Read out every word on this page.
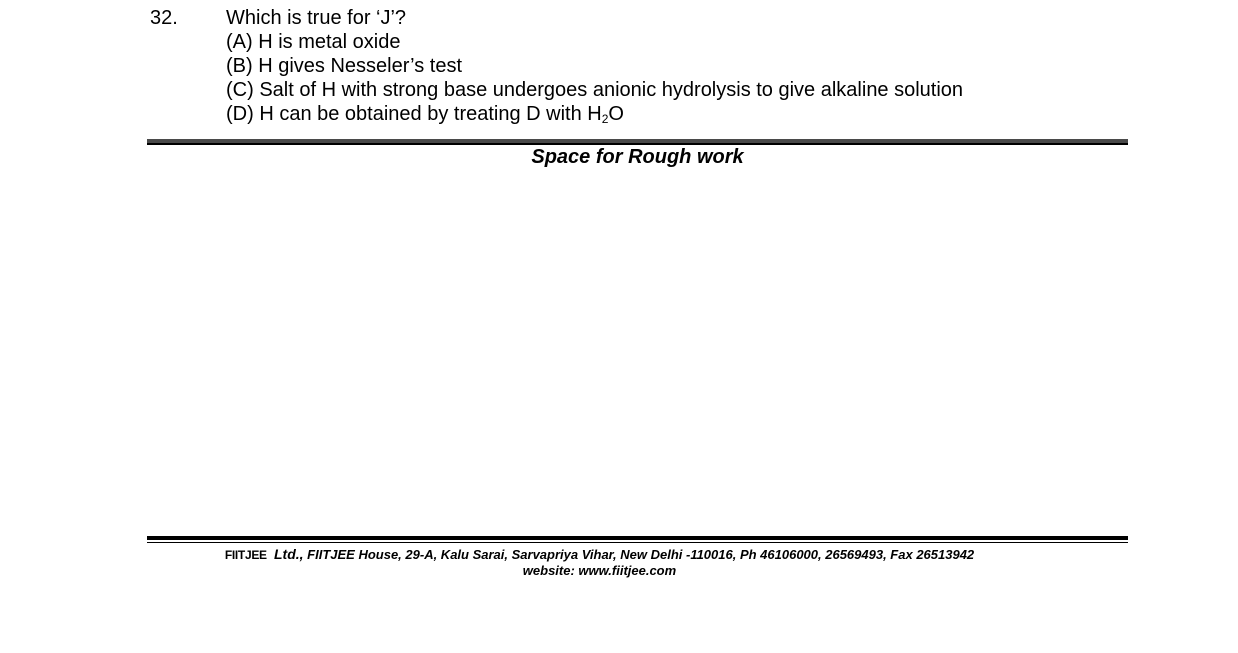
32. Which is true for ‘J’?
(A) H is metal oxide
(B) H gives Nesseler’s test
(C) Salt of H with strong base undergoes anionic hydrolysis to give alkaline solution
(D) H can be obtained by treating D with $H_2O$
Space for Rough work
FIITJEE Ltd., FIITJEE House, 29-A, Kalu Sarai, Sarvapriya Vihar, New Delhi -110016, Ph 46106000, 26569493, Fax 26513942
website: www.fiitjee.com
